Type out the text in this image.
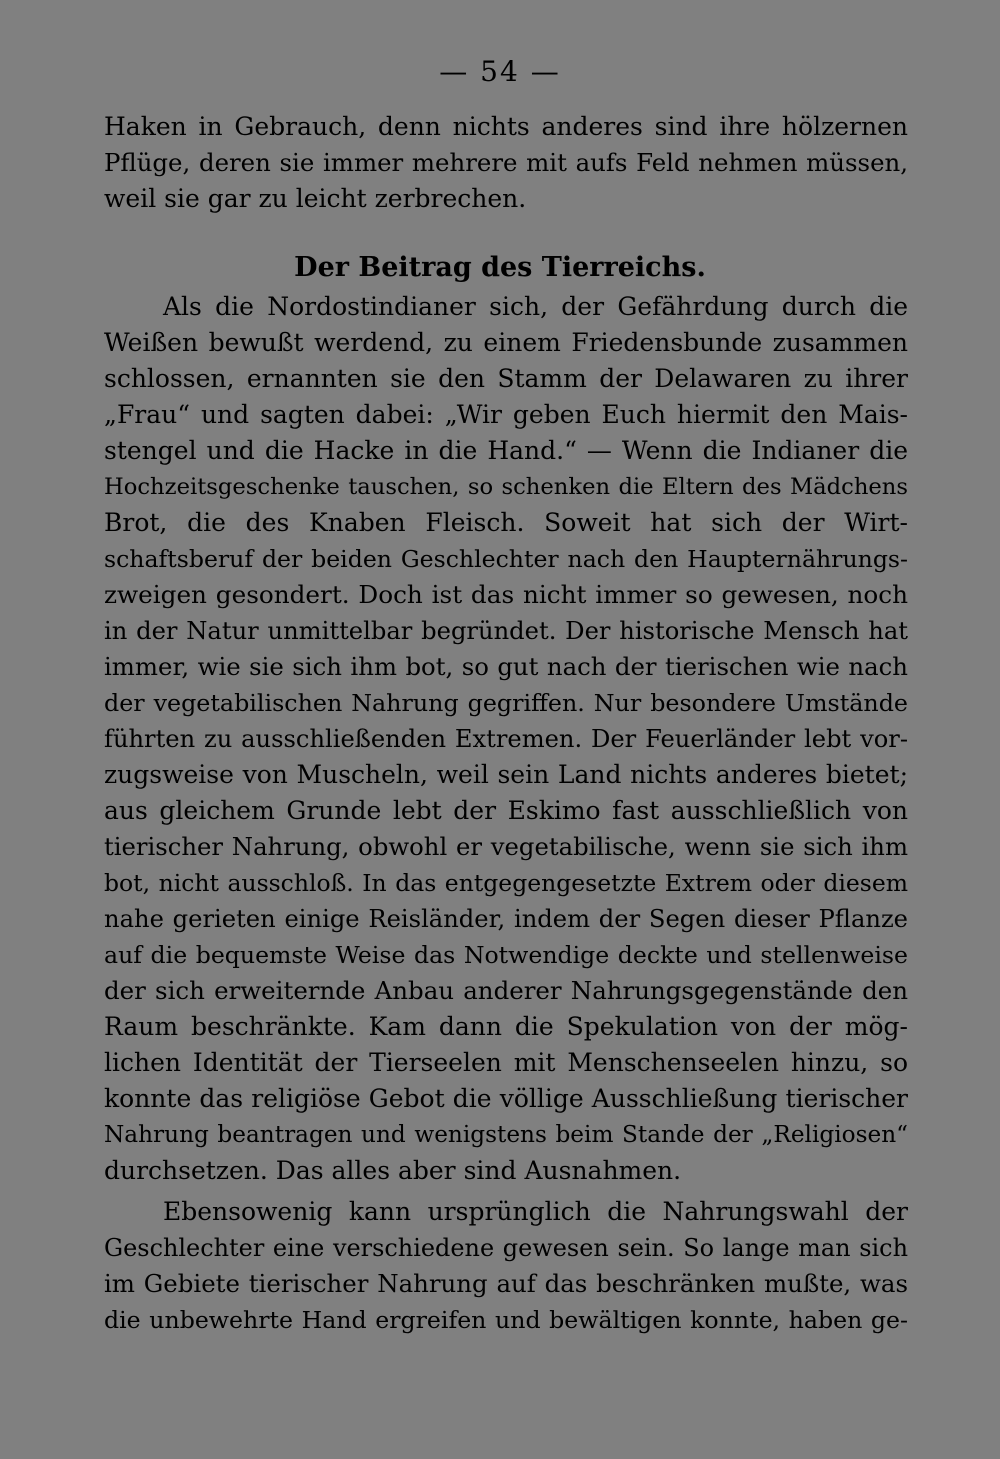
— 54 —
Haken in Gebrauch, denn nichts anderes sind ihre hölzernen
Pflüge, deren sie immer mehrere mit aufs Feld nehmen müssen,
weil sie gar zu leicht zerbrechen.
Der Beitrag des Tierreichs.
Als die Nordostindianer sich, der Gefährdung durch die
Weißen bewußt werdend, zu einem Friedensbunde zusammen
schlossen, ernannten sie den Stamm der Delawaren zu ihrer
„Frau“ und sagten dabei: „Wir geben Euch hiermit den Mais-
stengel und die Hacke in die Hand.“ — Wenn die Indianer die
Hochzeitsgeschenke tauschen, so schenken die Eltern des Mädchens
Brot, die des Knaben Fleisch. Soweit hat sich der Wirt-
schaftsberuf der beiden Geschlechter nach den Haupternährungs-
zweigen gesondert. Doch ist das nicht immer so gewesen, noch
in der Natur unmittelbar begründet. Der historische Mensch hat
immer, wie sie sich ihm bot, so gut nach der tierischen wie nach
der vegetabilischen Nahrung gegriffen. Nur besondere Umstände
führten zu ausschließenden Extremen. Der Feuerländer lebt vor-
zugsweise von Muscheln, weil sein Land nichts anderes bietet;
aus gleichem Grunde lebt der Eskimo fast ausschließlich von
tierischer Nahrung, obwohl er vegetabilische, wenn sie sich ihm
bot, nicht ausschloß. In das entgegengesetzte Extrem oder diesem
nahe gerieten einige Reisländer, indem der Segen dieser Pflanze
auf die bequemste Weise das Notwendige deckte und stellenweise
der sich erweiternde Anbau anderer Nahrungsgegenstände den
Raum beschränkte. Kam dann die Spekulation von der mög-
lichen Identität der Tierseelen mit Menschenseelen hinzu, so
konnte das religiöse Gebot die völlige Ausschließung tierischer
Nahrung beantragen und wenigstens beim Stande der „Religiosen“
durchsetzen. Das alles aber sind Ausnahmen.
Ebensowenig kann ursprünglich die Nahrungswahl der
Geschlechter eine verschiedene gewesen sein. So lange man sich
im Gebiete tierischer Nahrung auf das beschränken mußte, was
die unbewehrte Hand ergreifen und bewältigen konnte, haben ge-
